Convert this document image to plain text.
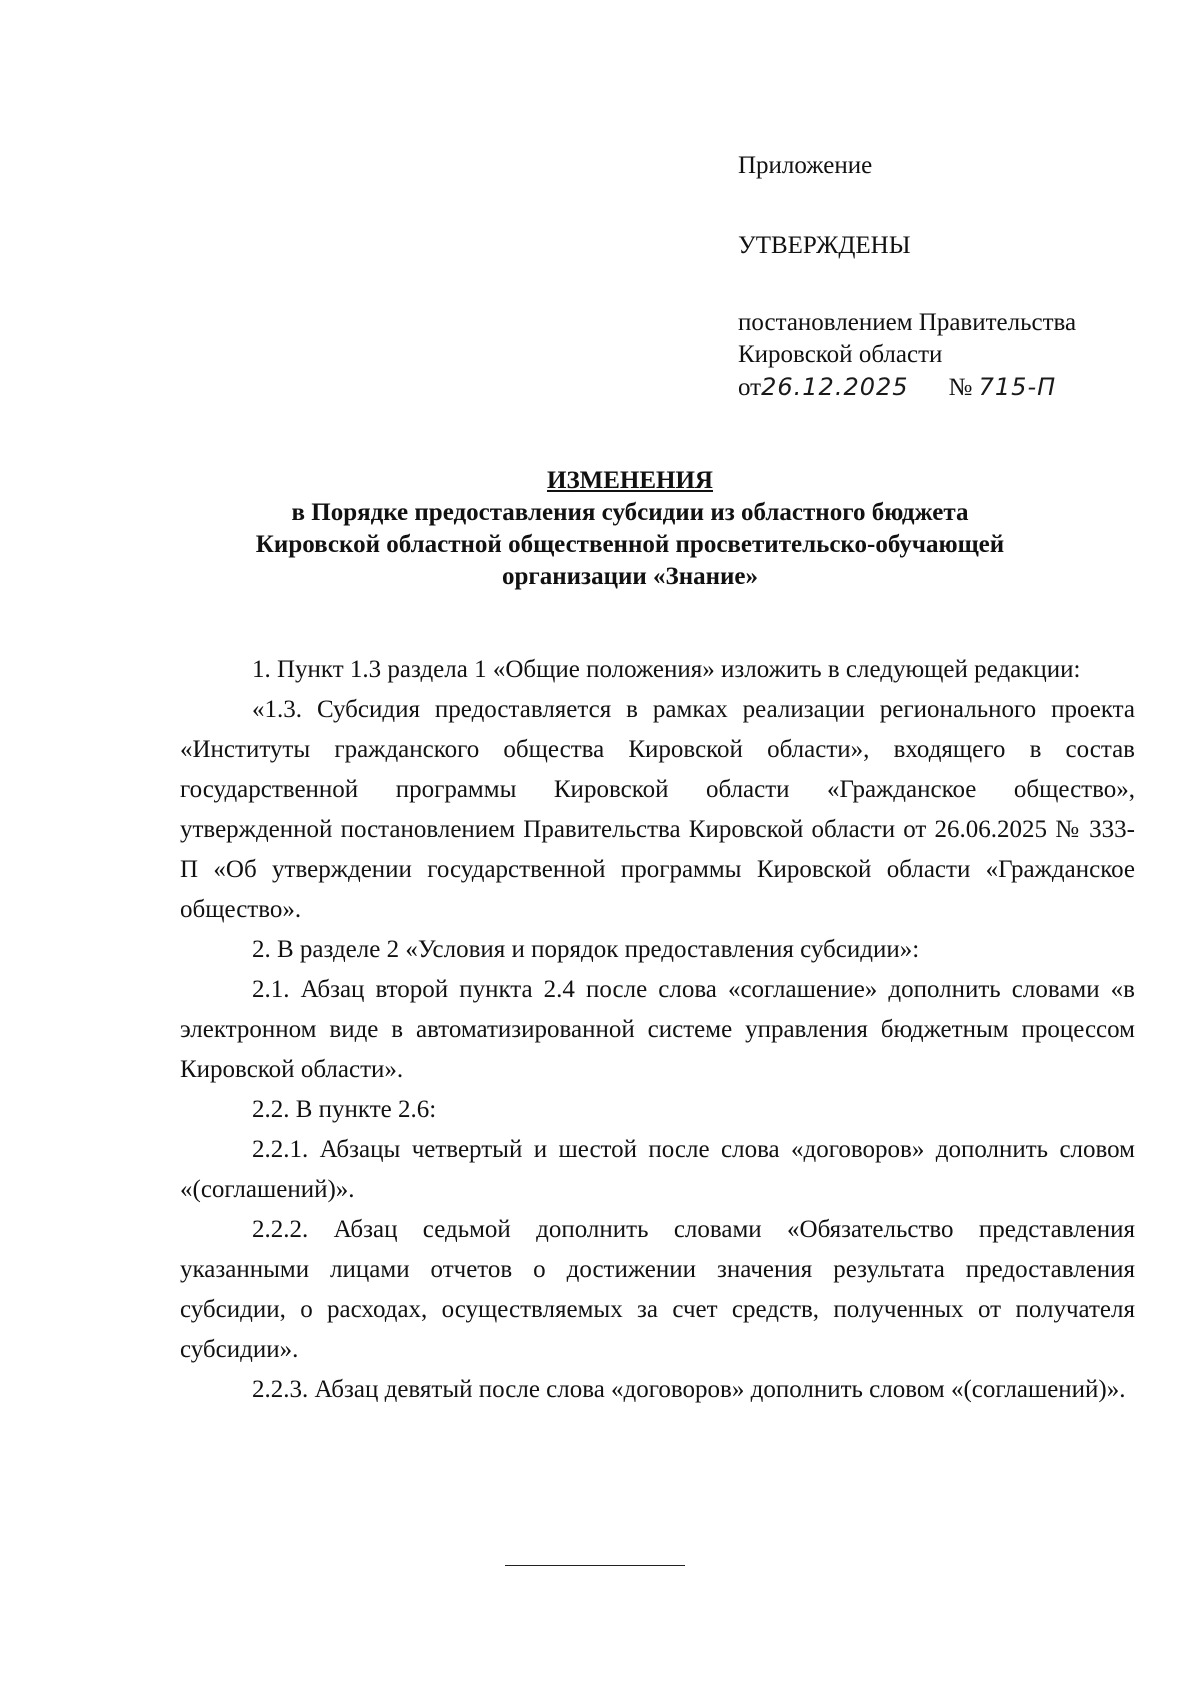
Приложение

УТВЕРЖДЕНЫ

постановлением Правительства

Кировской области

от26.12.2025 № 715-П

ИЗМЕНЕНИЯ
в Порядке предоставления субсидии из областного бюджета
Кировской областной общественной просветительско-обучающей
организации «Знание»

1. Пункт 1.3 раздела 1 «Общие положения» изложить в следующей редакции:

«1.3. Субсидия предоставляется в рамках реализации регионального проекта «Институты гражданского общества Кировской области», входящего в состав государственной программы Кировской области «Гражданское общество», утвержденной постановлением Правительства Кировской области от 26.06.2025 № 333-П «Об утверждении государственной программы Кировской области «Гражданское общество».

2. В разделе 2 «Условия и порядок предоставления субсидии»:

2.1. Абзац второй пункта 2.4 после слова «соглашение» дополнить словами «в электронном виде в автоматизированной системе управления бюджетным процессом Кировской области».

2.2. В пункте 2.6:

2.2.1. Абзацы четвертый и шестой после слова «договоров» дополнить словом «(соглашений)».

2.2.2. Абзац седьмой дополнить словами «Обязательство представления указанными лицами отчетов о достижении значения результата предоставления субсидии, о расходах, осуществляемых за счет средств, полученных от получателя субсидии».

2.2.3. Абзац девятый после слова «договоров» дополнить словом «(соглашений)».
